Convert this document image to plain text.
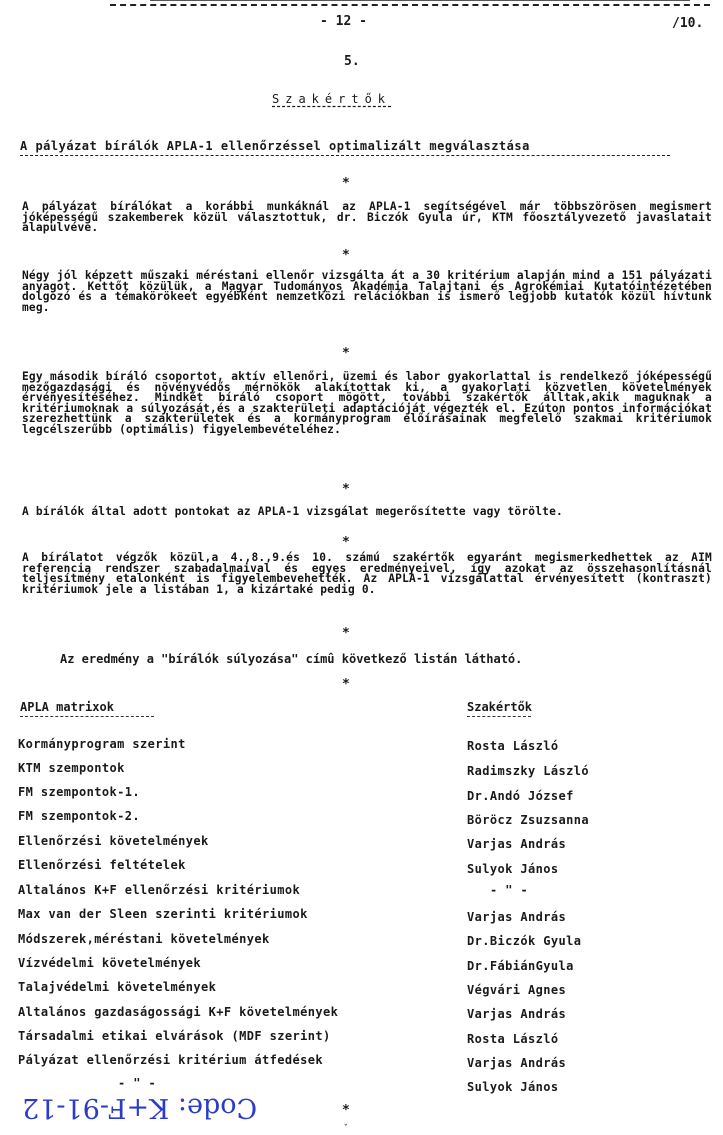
- 12 -	/10.
5.
Szakértők
A pályázat bírálók APLA-1 ellenőrzéssel optimalizált megválasztása
*
A pályázat bírálókat a korábbi munkáknál az APLA-1 segítségével már többszörösen megismert jóképességű szakemberek közül választottuk, dr. Biczók Gyula úr, KTM főosztályvezető javaslatait alapulvéve.
*
Négy jól képzett műszaki méréstani ellenőr vizsgálta át a 30 kritérium alapján mind a 151 pályázati anyagot. Kettőt közülük, a Magyar Tudományos Akadémia Talajtani és Agrokémiai Kutatóintézetében dolgozó és a témakörökeet egyébként nemzetközi relációkban is ismerő legjobb kutatók közül hívtunk meg.
*
Egy második bíráló csoportot, aktív ellenőri, üzemi és labor gyakorlattal is rendelkező jóképességű mezőgazdasági és növényvédős mérnökök alakítottak ki, a gyakorlati közvetlen követelmények érvényesítéséhez. Mindkét bíráló csoport mögött, további szakértők álltak,akik maguknak a kritériumoknak a súlyozását,és a szakterületi adaptációját végezték el. Ezúton pontos információkat szerezhettünk a szakterületek és a kormányprogram előírásainak megfelelő szakmai kritériumok legcélszerűbb (optimális) figyelembevételéhez.
*
A bírálók által adott pontokat az APLA-1 vizsgálat megerősítette vagy törölte.
*
A bírálatot végzők közül,a 4.,8.,9.és 10. számú szakértők egyaránt megismerkedhettek az AIM referencia rendszer szabadalmaival és egyes eredményeivel, így azokat az összehasonlításnál teljesítmény etalonként is figyelembevehették. Az APLA-1 vizsgálattal érvényesített (kontraszt) kritériumok jele a listában 1, a kizártaké pedig 0.
*
Az eredmény a "bírálók súlyozása" címû következő listán látható.
*
APLA matrixok	Szakértők
Kormányprogram szerint	Rosta László
KTM szempontok	Radimszky László
FM szempontok-1.	Dr.Andó József
FM szempontok-2.	Böröcz Zsuzsanna
Ellenőrzési követelmények	Varjas András
Ellenőrzési feltételek	Sulyok János
Altalános K+F ellenőrzési kritériumok	- " -
Max van der Sleen szerinti kritériumok	Varjas András
Módszerek,méréstani követelmények	Dr.Biczók Gyula
Vízvédelmi követelmények	Dr.FábiánGyula
Talajvédelmi követelmények	Végvári Agnes
Altalános gazdaságossági K+F követelmények	Varjas András
Társadalmi etikai elvárások (MDF szerint)	Rosta László
Pályázat ellenőrzési kritérium átfedések	Varjas András
- " -	Sulyok János
Code: K+F-91-12	*
ˇ
